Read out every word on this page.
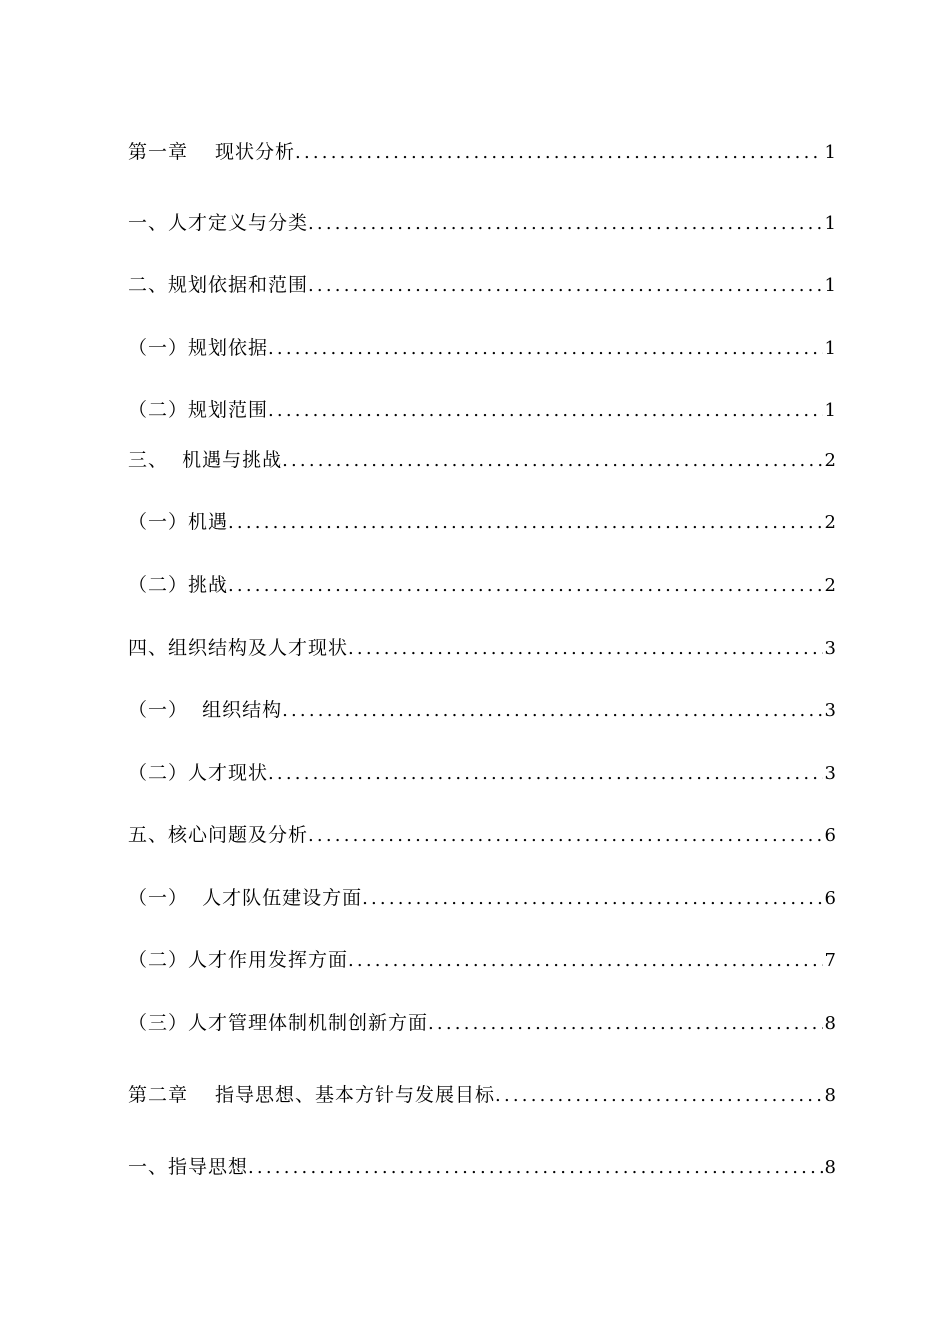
第一章　 现状分析 .....	1
一、人才定义与分类 .....	1
二、规划依据和范围 .....	1
（一）规划依据 .....	1
（二）规划范围 .....	1
三、  机遇与挑战 .....	2
（一）机遇 .....	2
（二）挑战 .....	2
四、组织结构及人才现状 .....	3
（一）  组织结构 .....	3
（二）人才现状 .....	3
五、核心问题及分析 .....	6
（一）  人才队伍建设方面 .....	6
（二）人才作用发挥方面 .....	7
（三）人才管理体制机制创新方面 .....	8
第二章　 指导思想、基本方针与发展目标 .....	8
一、指导思想 .....	8
